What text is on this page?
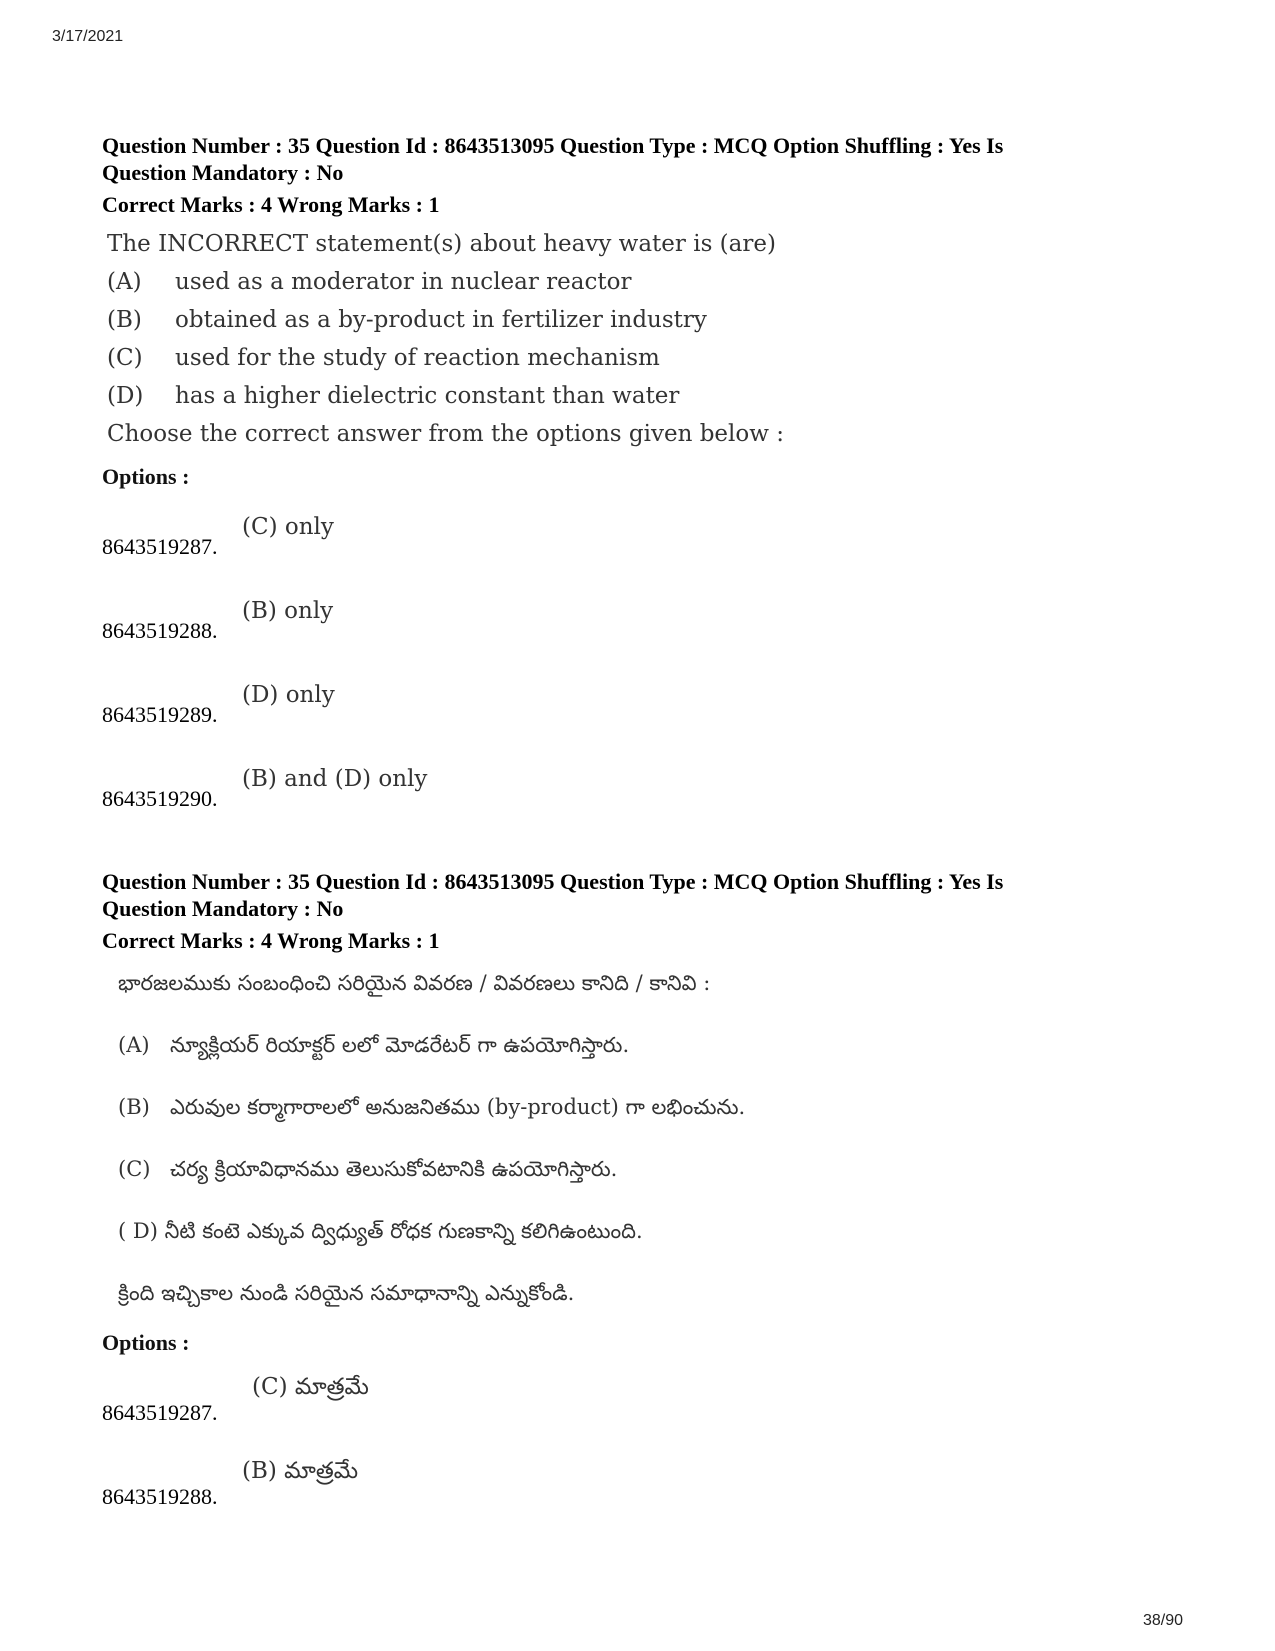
3/17/2021
Question Number : 35 Question Id : 8643513095 Question Type : MCQ Option Shuffling : Yes Is
Question Mandatory : No
Correct Marks : 4 Wrong Marks : 1
The INCORRECT statement(s) about heavy water is (are)
(A)	used as a moderator in nuclear reactor
(B)	obtained as a by-product in fertilizer industry
(C)	used for the study of reaction mechanism
(D)	has a higher dielectric constant than water
Choose the correct answer from the options given below :
Options :
8643519287.
(C) only
8643519288.
(B) only
8643519289.
(D) only
8643519290.
(B) and (D) only
Question Number : 35 Question Id : 8643513095 Question Type : MCQ Option Shuffling : Yes Is
Question Mandatory : No
Correct Marks : 4 Wrong Marks : 1
భారజలముకు సంబంధించి సరియైన వివరణ / వివరణలు కానిది / కానివి :
(A) న్యూక్లియర్ రియాక్టర్ లలో మోడరేటర్ గా ఉపయోగిస్తారు.
(B) ఎరువుల కర్మాగారాలలో అనుజనితము (by-product) గా లభించును.
(C) చర్య క్రియావిధానము తెలుసుకోవటానికి ఉపయోగిస్తారు.
( D) నీటి కంటె ఎక్కువ ద్విధ్యుత్ రోధక గుణకాన్ని కలిగిఉంటుంది.
క్రింది ఇచ్చికాల నుండి సరియైన సమాధానాన్ని ఎన్నుకోండి.
Options :
8643519287.
(C) మాత్రమే
8643519288.
(B) మాత్రమే
38/90
